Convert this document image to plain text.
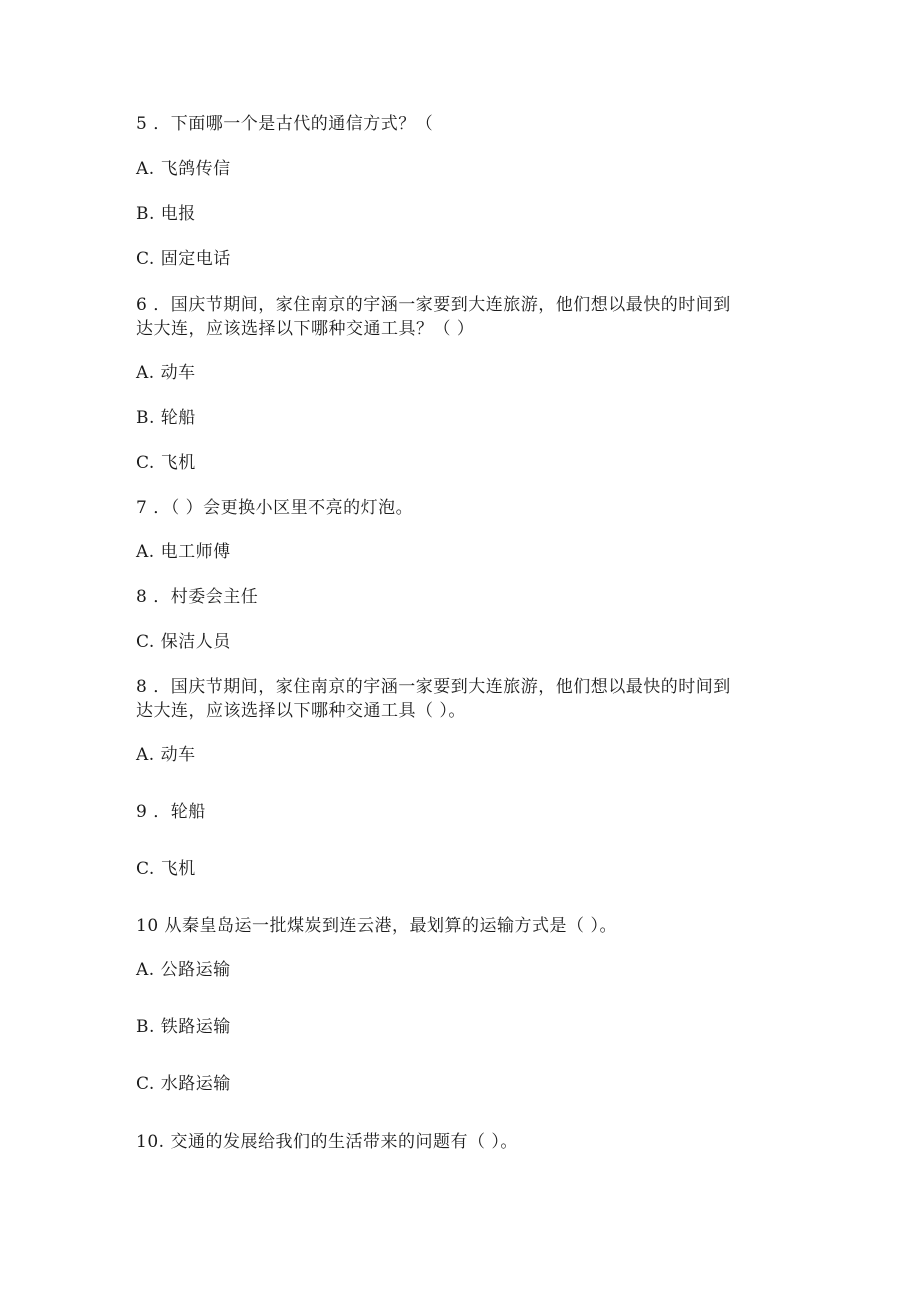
5 ．下面哪一个是古代的通信方式？（
A. 飞鸽传信
B. 电报
C. 固定电话
6 ．国庆节期间，家住南京的宇涵一家要到大连旅游，他们想以最快的时间到
达大连，应该选择以下哪种交通工具？（ ）
A. 动车
B. 轮船
C. 飞机
7 ．（ ）会更换小区里不亮的灯泡。
A. 电工师傅
8 ．村委会主任
C. 保洁人员
8 ．国庆节期间，家住南京的宇涵一家要到大连旅游，他们想以最快的时间到
达大连，应该选择以下哪种交通工具（ ）。
A. 动车
9 ．轮船
C. 飞机
10 从秦皇岛运一批煤炭到连云港，最划算的运输方式是（ ）。
A. 公路运输
B. 铁路运输
C. 水路运输
10. 交通的发展给我们的生活带来的问题有（ ）。
